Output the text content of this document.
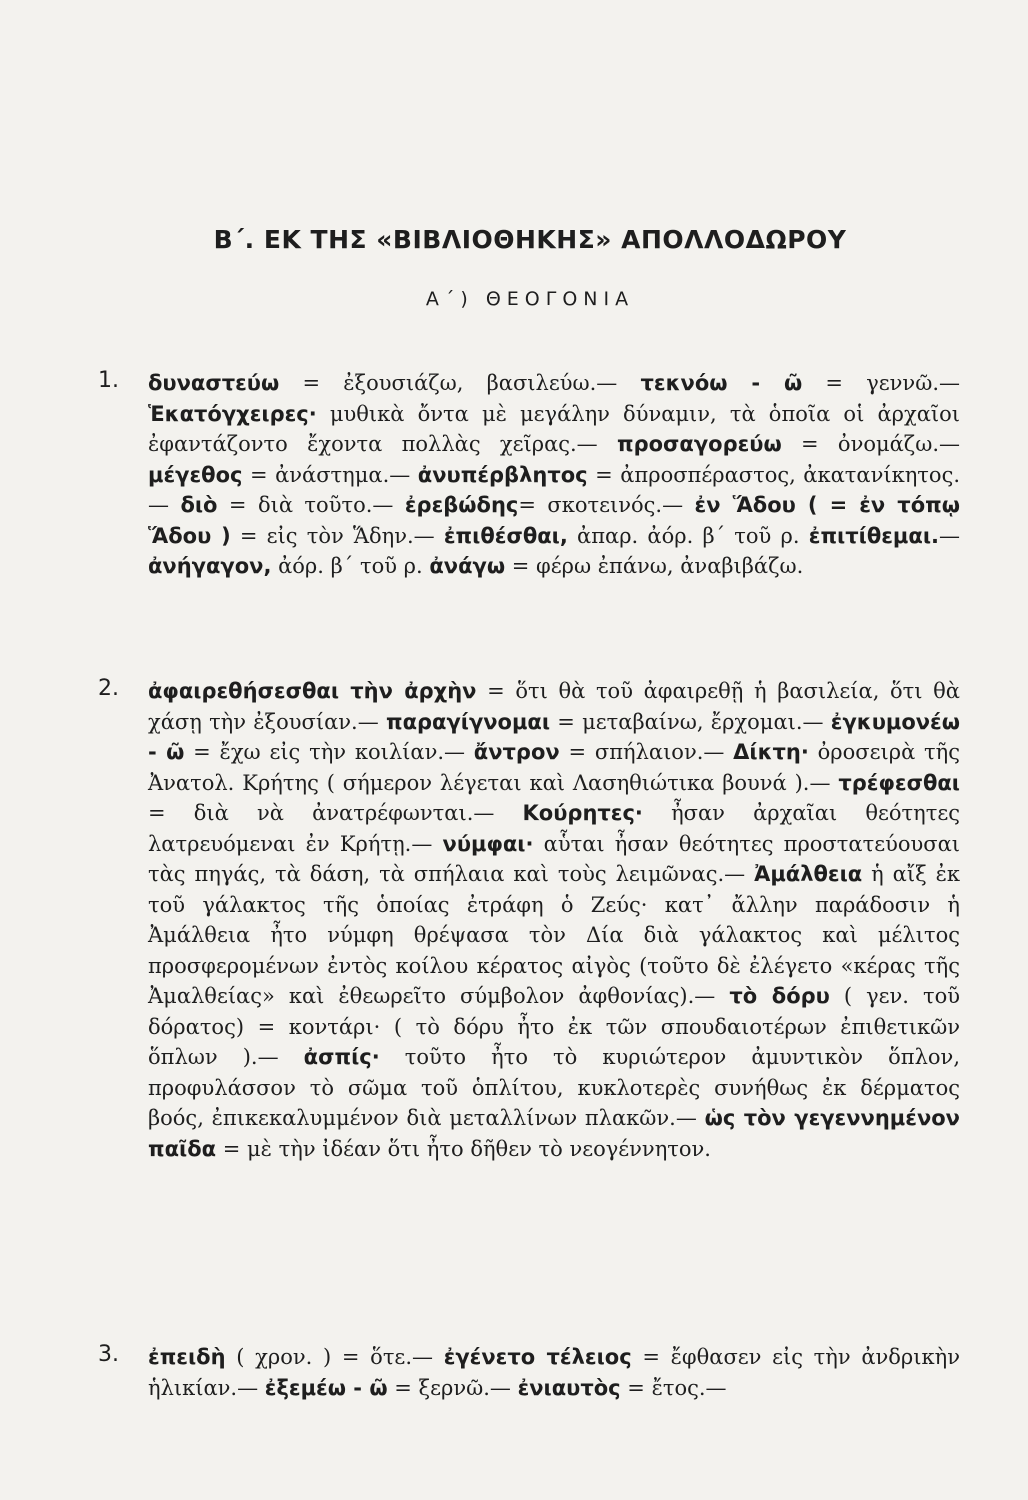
Β΄. ΕΚ ΤΗΣ «ΒΙΒΛΙΟΘΗΚΗΣ» ΑΠΟΛΛΟΔΩΡΟΥ
Α΄) ΘΕΟΓΟΝΙΑ
1.	δυναστεύω = ἐξουσιάζω, βασιλεύω.— τεκνόω - ῶ = γεννῶ.— Ἑκατόγχειρες· μυθικὰ ὄντα μὲ μεγάλην δύναμιν, τὰ ὁποῖα οἱ ἀρχαῖοι ἐφαντάζοντο ἔχοντα πολλὰς χεῖρας.— προσαγορεύω = ὀνομάζω.— μέγεθος = ἀνάστημα.— ἀνυπέρβλητος = ἀπροσπέραστος, ἀκατανίκητος.— διὸ = διὰ τοῦτο.— ἐρεβώδης= σκοτεινός.— ἐν Ἅδου ( = ἐν τόπῳ Ἅδου ) = εἰς τὸν Ἅδην.— ἐπιθέσθαι, ἀπαρ. ἀόρ. β΄ τοῦ ρ. ἐπιτίθεμαι.— ἀνήγαγον, ἀόρ. β΄ τοῦ ρ. ἀνάγω = φέρω ἐπάνω, ἀναβιβάζω.
2.	ἀφαιρεθήσεσθαι τὴν ἀρχὴν = ὅτι θὰ τοῦ ἀφαιρεθῇ ἡ βασιλεία, ὅτι θὰ χάσῃ τὴν ἐξουσίαν.— παραγίγνομαι = μεταβαίνω, ἔρχομαι.— ἐγκυμονέω - ῶ = ἔχω εἰς τὴν κοιλίαν.— ἄντρον = σπήλαιον.— Δίκτη· ὀροσειρὰ τῆς Ἀνατολ. Κρήτης ( σήμερον λέγεται καὶ Λασηθιώτικα βουνά ).— τρέφεσθαι = διὰ νὰ ἀνατρέφωνται.— Κούρητες· ἦσαν ἀρχαῖαι θεότητες λατρευόμεναι ἐν Κρήτῃ.— νύμφαι· αὗται ἦσαν θεότητες προστατεύουσαι τὰς πηγάς, τὰ δάση, τὰ σπήλαια καὶ τοὺς λειμῶνας.— Ἀμάλθεια ἡ αἴξ ἐκ τοῦ γάλακτος τῆς ὁποίας ἐτράφη ὁ Ζεύς· κατ᾽ ἄλλην παράδοσιν ἡ Ἀμάλθεια ἦτο νύμφη θρέψασα τὸν Δία διὰ γάλακτος καὶ μέλιτος προσφερομένων ἐντὸς κοίλου κέρατος αἰγὸς (τοῦτο δὲ ἐλέγετο «κέρας τῆς Ἀμαλθείας» καὶ ἐθεωρεῖτο σύμβολον ἀφθονίας).— τὸ δόρυ ( γεν. τοῦ δόρατος) = κοντάρι· ( τὸ δόρυ ἦτο ἐκ τῶν σπουδαιοτέρων ἐπιθετικῶν ὅπλων ).— ἀσπίς· τοῦτο ἦτο τὸ κυριώτερον ἀμυντικὸν ὅπλον, προφυλάσσον τὸ σῶμα τοῦ ὁπλίτου, κυκλοτερὲς συνήθως ἐκ δέρματος βοός, ἐπικεκαλυμμένον διὰ μεταλλίνων πλακῶν.— ὡς τὸν γεγεννημένον παῖδα = μὲ τὴν ἰδέαν ὅτι ἦτο δῆθεν τὸ νεογέννητον.
3.	ἐπειδὴ ( χρον. ) = ὅτε.— ἐγένετο τέλειος = ἔφθασεν εἰς τὴν ἀνδρικὴν ἡλικίαν.— ἐξεμέω - ῶ = ξερνῶ.— ἐνιαυτὸς = ἔτος.—
